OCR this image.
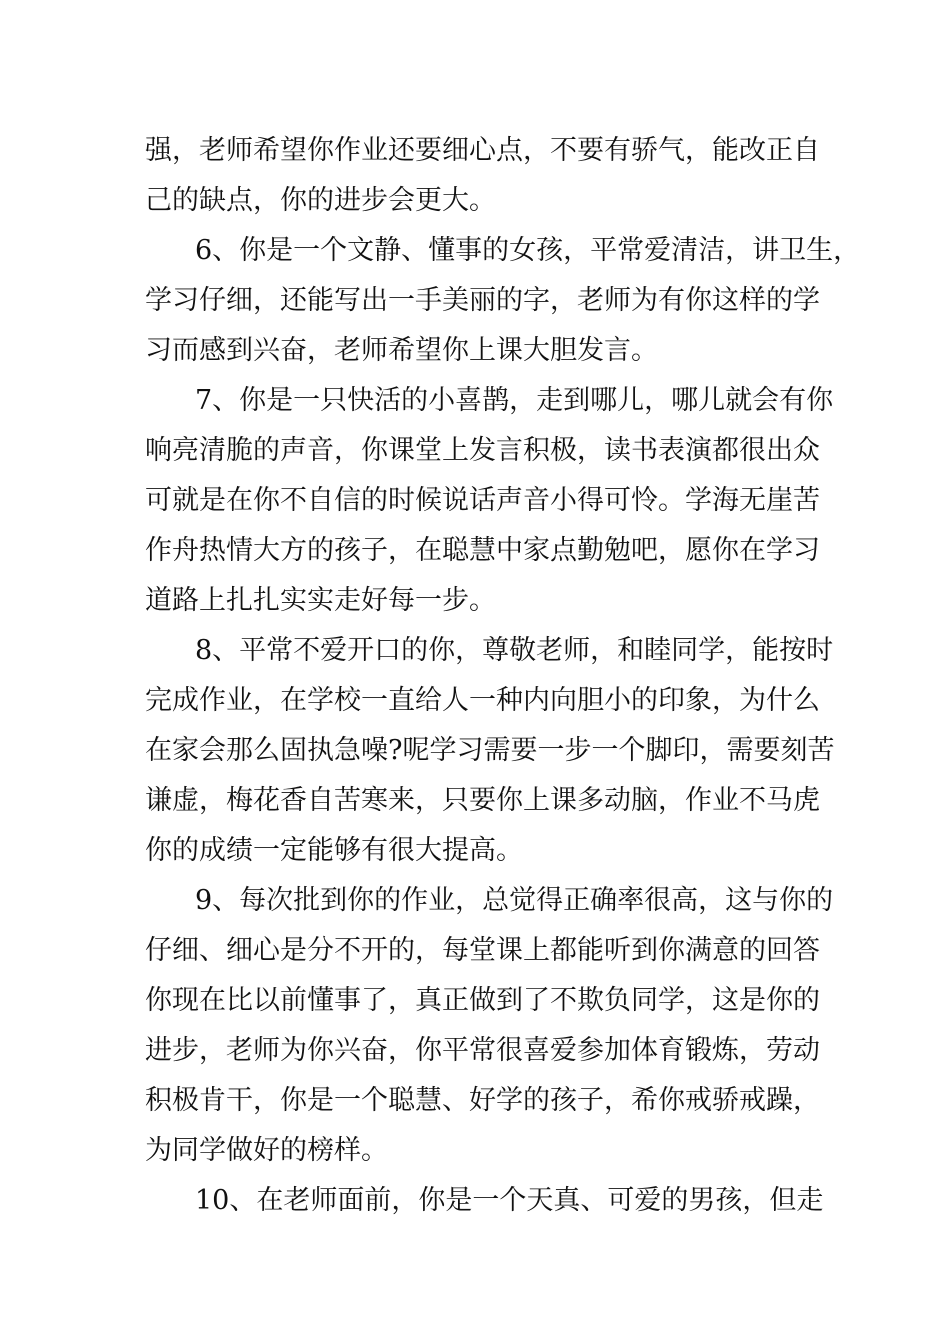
强，老师希望你作业还要细心点，不要有骄气，能改正自
己的缺点，你的进步会更大。
6、你是一个文静、懂事的女孩，平常爱清洁，讲卫生，
学习仔细，还能写出一手美丽的字，老师为有你这样的学
习而感到兴奋，老师希望你上课大胆发言。
7、你是一只快活的小喜鹊，走到哪儿，哪儿就会有你
响亮清脆的声音，你课堂上发言积极，读书表演都很出众
可就是在你不自信的时候说话声音小得可怜。学海无崖苦
作舟热情大方的孩子，在聪慧中家点勤勉吧，愿你在学习
道路上扎扎实实走好每一步。
8、平常不爱开口的你，尊敬老师，和睦同学，能按时
完成作业，在学校一直给人一种内向胆小的印象，为什么
在家会那么固执急噪?呢学习需要一步一个脚印，需要刻苦
谦虚，梅花香自苦寒来，只要你上课多动脑，作业不马虎
你的成绩一定能够有很大提高。
9、每次批到你的作业，总觉得正确率很高，这与你的
仔细、细心是分不开的，每堂课上都能听到你满意的回答
你现在比以前懂事了，真正做到了不欺负同学，这是你的
进步，老师为你兴奋，你平常很喜爱参加体育锻炼，劳动
积极肯干，你是一个聪慧、好学的孩子，希你戒骄戒躁，
为同学做好的榜样。
10、在老师面前，你是一个天真、可爱的男孩，但走
